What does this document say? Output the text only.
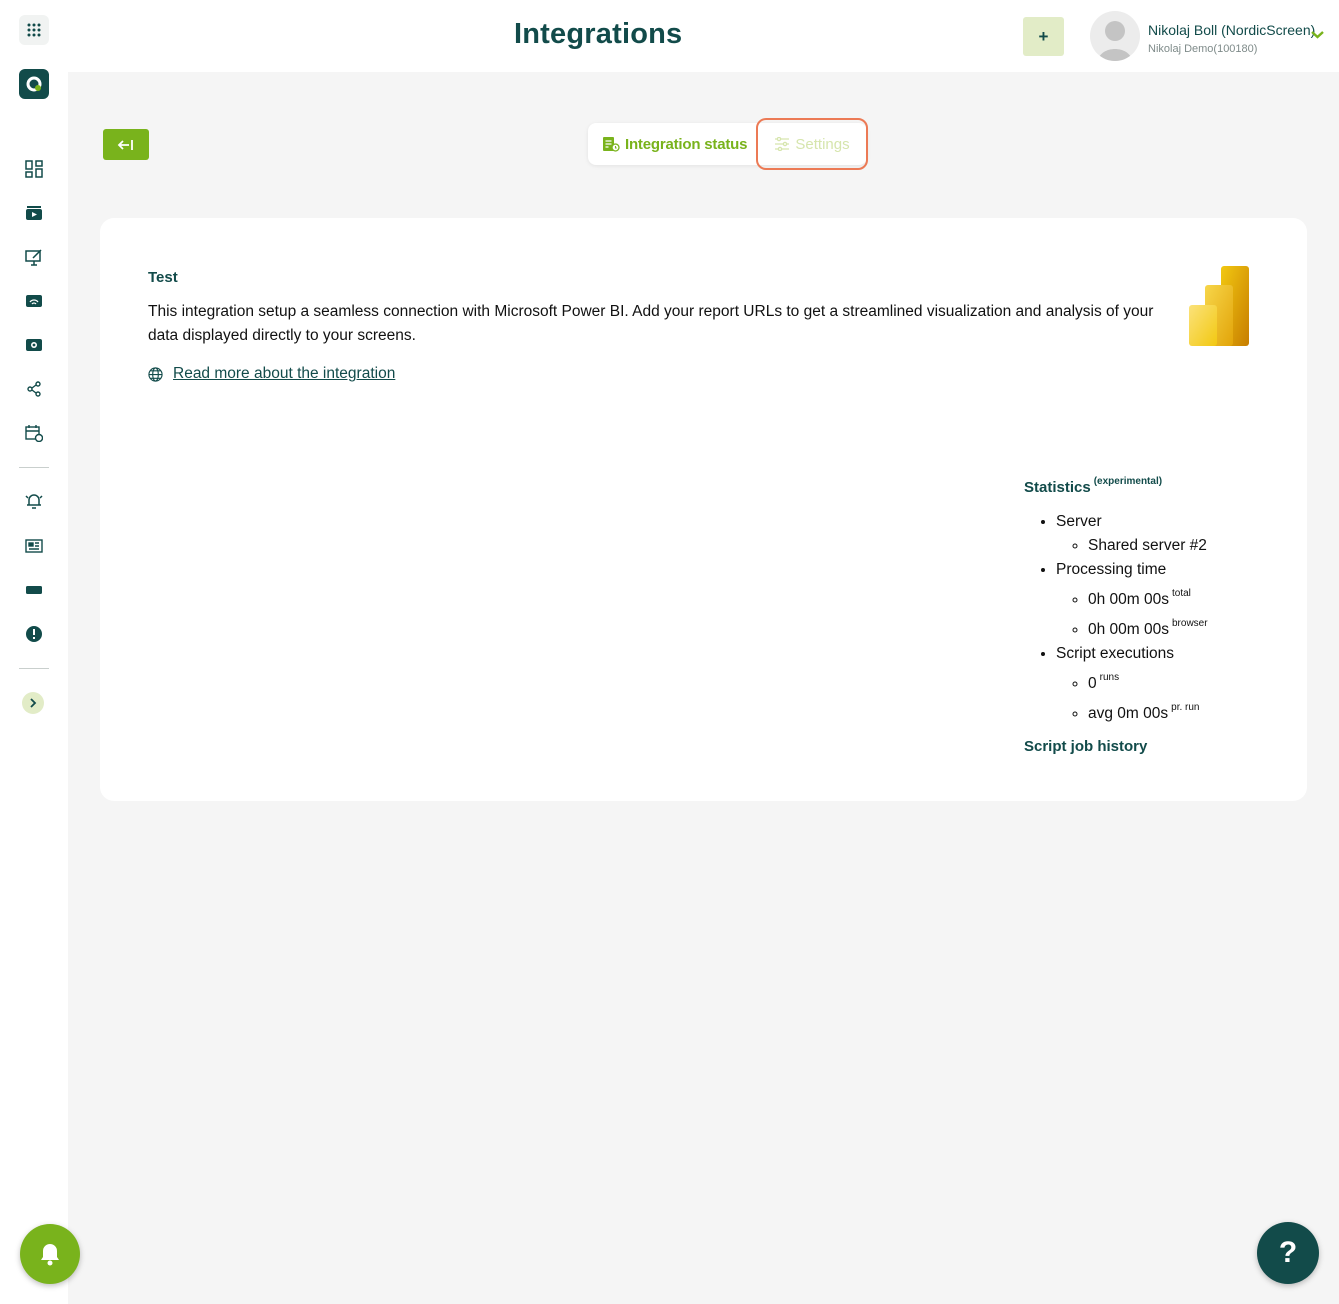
Integrations	+	Nikolaj Boll (NordicScreen)
Nikolaj Demo(100180)
Integration status	Settings
Test

This integration setup a seamless connection with Microsoft Power BI. Add your report URLs to get a streamlined visualization and analysis of your data displayed directly to your screens.

Read more about the integration
Statistics $^{(experimental)}$
• Server
◦ Shared server #2
• Processing time
◦ 0h 00m 00s $^{total}$
◦ 0h 00m 00s $^{browser}$
• Script executions
◦ 0 $^{runs}$
◦ avg 0m 00s $^{pr. run}$
Script job history
?
